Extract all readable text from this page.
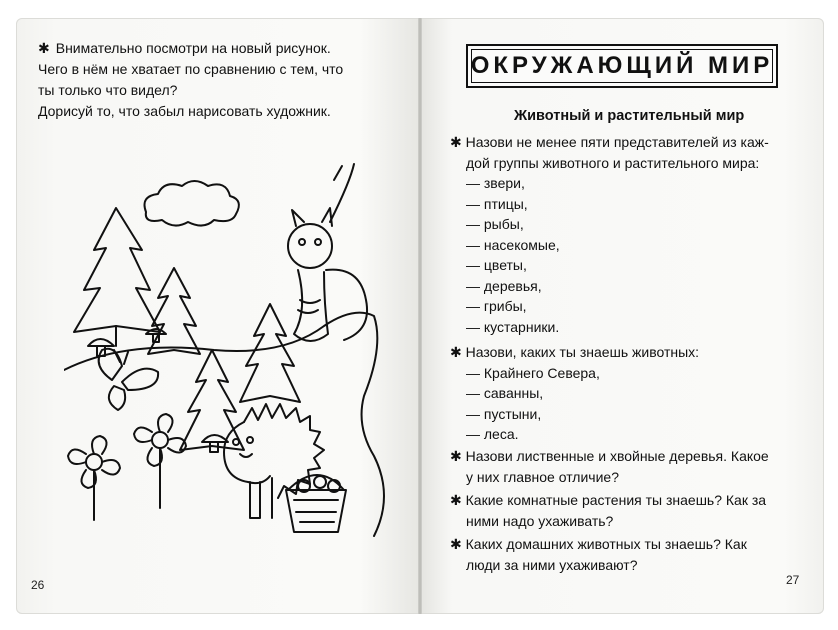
✱ Внимательно посмотри на новый рисунок.
Чего в нём не хватает по сравнению с тем, что
ты только что видел?
Дорисуй то, что забыл нарисовать художник.
26
ОКРУЖАЮЩИЙ МИР
Животный и растительный мир
✱ Назови не менее пяти представителей из каж-
дой группы животного и растительного мира:
— звери,
— птицы,
— рыбы,
— насекомые,
— цветы,
— деревья,
— грибы,
— кустарники.
✱ Назови, каких ты знаешь животных:
— Крайнего Севера,
— саванны,
— пустыни,
— леса.
✱ Назови лиственные и хвойные деревья. Какое
у них главное отличие?
✱ Какие комнатные растения ты знаешь? Как за
ними надо ухаживать?
✱ Каких домашних животных ты знаешь? Как
люди за ними ухаживают?
27
